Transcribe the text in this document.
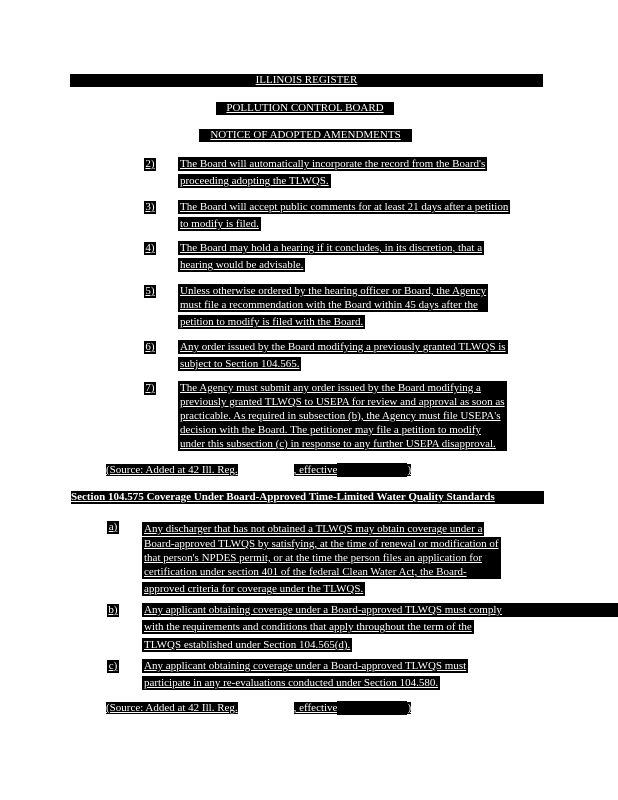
ILLINOIS REGISTER
POLLUTION CONTROL BOARD
NOTICE OF ADOPTED AMENDMENTS
2) The Board will automatically incorporate the record from the Board's
proceeding adopting the TLWQS.
3) The Board will accept public comments for at least 21 days after a petition
to modify is filed.
4) The Board may hold a hearing if it concludes, in its discretion, that a
hearing would be advisable.
5) Unless otherwise ordered by the hearing officer or Board, the Agency
must file a recommendation with the Board within 45 days after the
petition to modify is filed with the Board.
6) Any order issued by the Board modifying a previously granted TLWQS is
subject to Section 104.565.
7) The Agency must submit any order issued by the Board modifying a
previously granted TLWQS to USEPA for review and approval as soon as
practicable. As required in subsection (b), the Agency must file USEPA's
decision with the Board. The petitioner may file a petition to modify
under this subsection (c) in response to any further USEPA disapproval.
(Source: Added at 42 Ill. Reg.	, effective	)
Section 104.575 Coverage Under Board-Approved Time-Limited Water Quality Standards
a) Any discharger that has not obtained a TLWQS may obtain coverage under a
Board-approved TLWQS by satisfying, at the time of renewal or modification of
that person's NPDES permit, or at the time the person files an application for
certification under section 401 of the federal Clean Water Act, the Board-
approved criteria for coverage under the TLWQS.
b) Any applicant obtaining coverage under a Board-approved TLWQS must comply
with the requirements and conditions that apply throughout the term of the TLWQS established under Section 104.565(d).
c) Any applicant obtaining coverage under a Board-approved TLWQS must
participate in any re-evaluations conducted under Section 104.580.
(Source: Added at 42 Ill. Reg.	, effective	)
